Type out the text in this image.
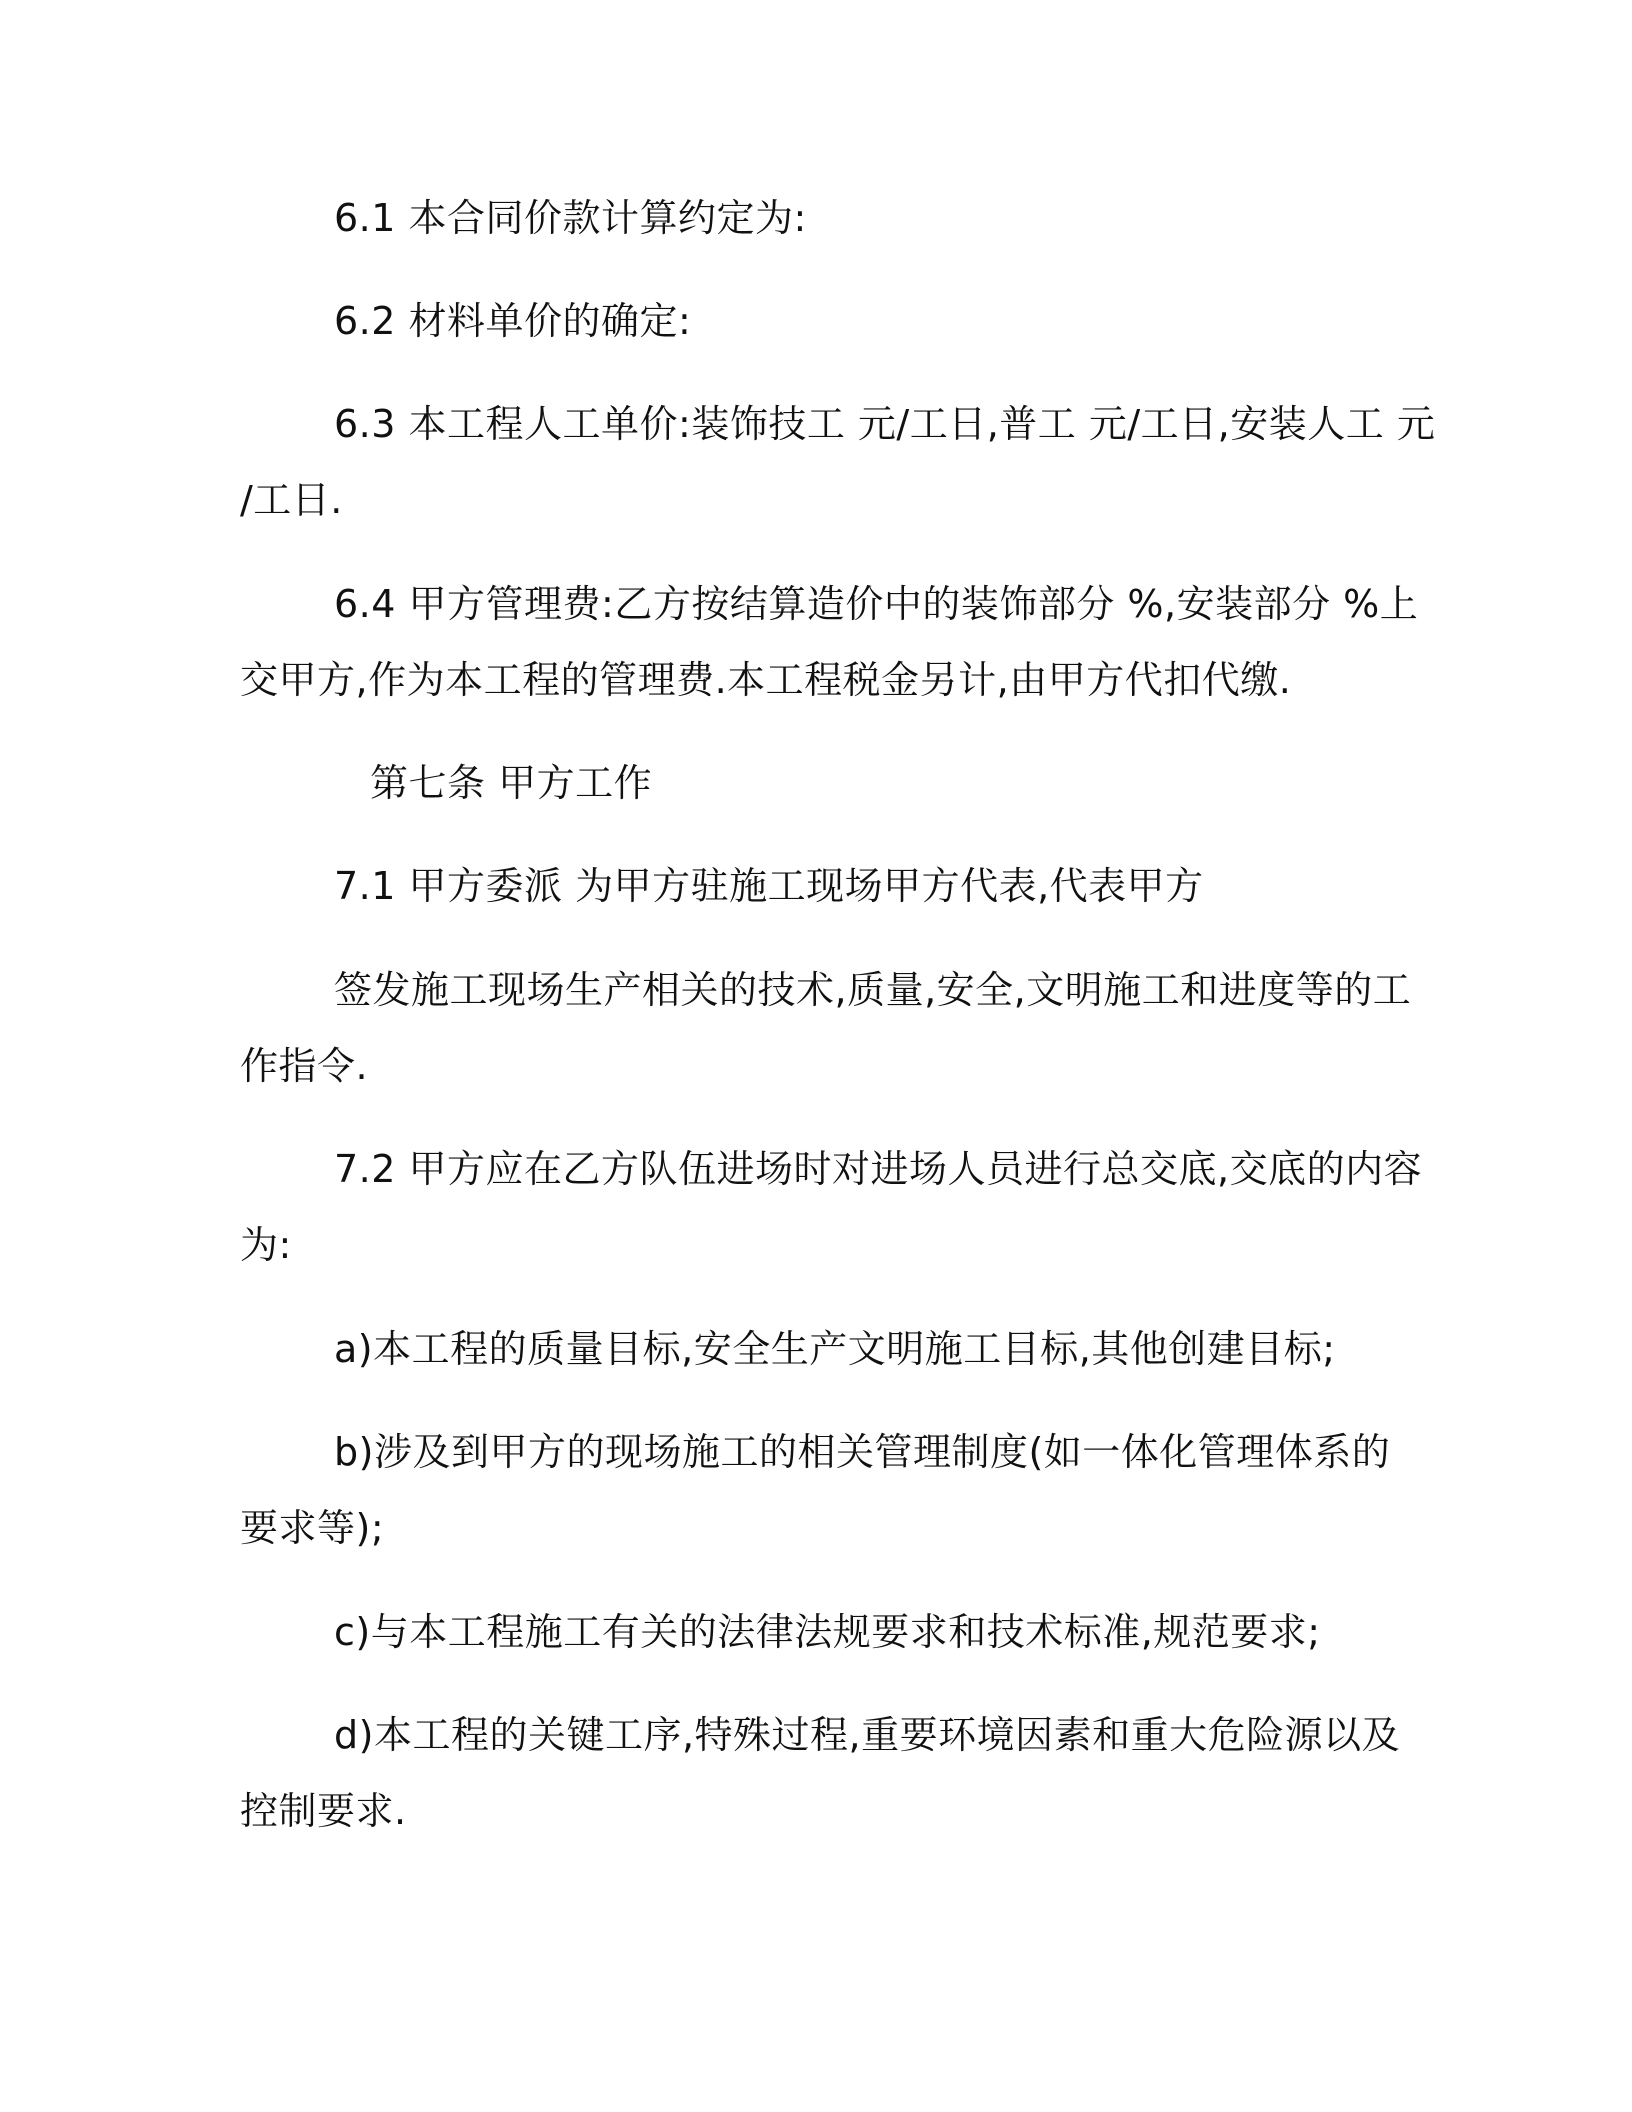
6.1 本合同价款计算约定为:

6.2 材料单价的确定:

6.3 本工程人工单价:装饰技工 元/工日,普工 元/工日,安装人工 元

/工日.

6.4 甲方管理费:乙方按结算造价中的装饰部分 %,安装部分 %上

交甲方,作为本工程的管理费.本工程税金另计,由甲方代扣代缴.

第七条 甲方工作

7.1 甲方委派 为甲方驻施工现场甲方代表,代表甲方

签发施工现场生产相关的技术,质量,安全,文明施工和进度等的工

作指令.

7.2 甲方应在乙方队伍进场时对进场人员进行总交底,交底的内容

为:

a)本工程的质量目标,安全生产文明施工目标,其他创建目标;

b)涉及到甲方的现场施工的相关管理制度(如一体化管理体系的

要求等);

c)与本工程施工有关的法律法规要求和技术标准,规范要求;

d)本工程的关键工序,特殊过程,重要环境因素和重大危险源以及

控制要求.
